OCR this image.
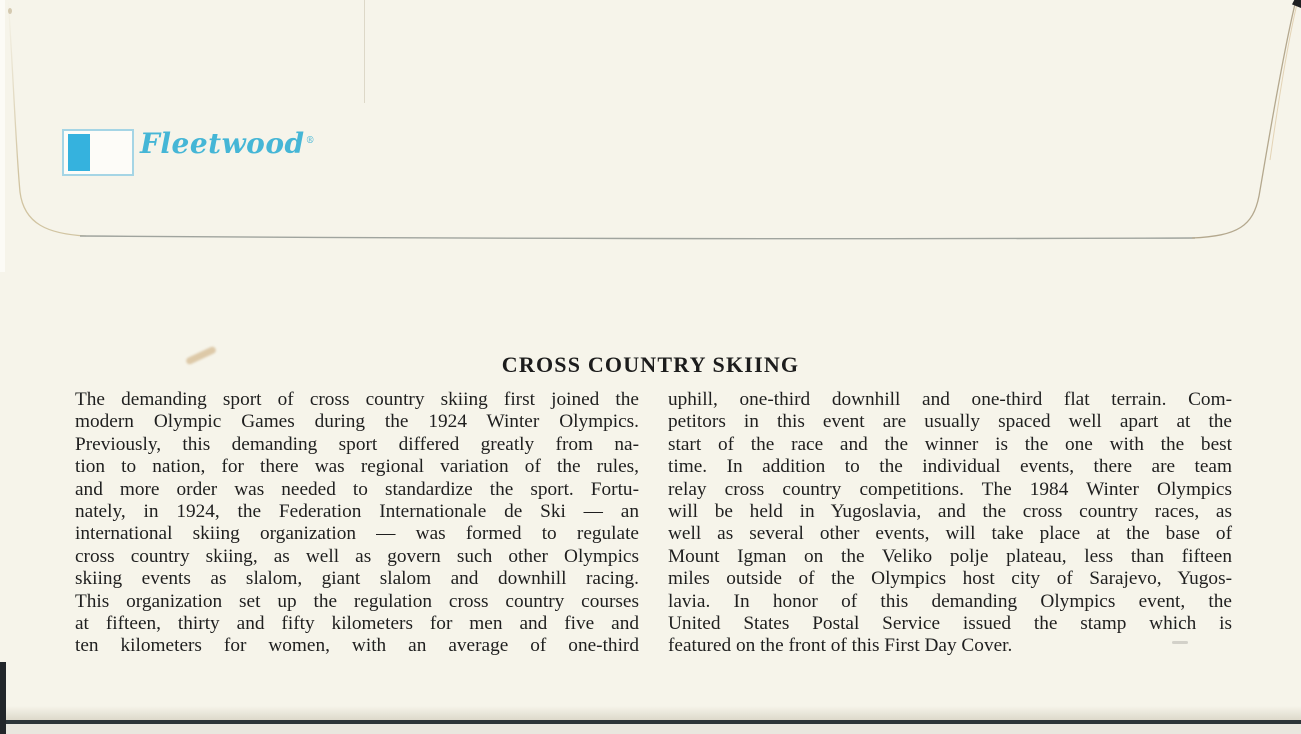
Fleetwood®
CROSS COUNTRY SKIING
The demanding sport of cross country skiing first joined the
modern Olympic Games during the 1924 Winter Olympics.
Previously, this demanding sport differed greatly from na-
tion to nation, for there was regional variation of the rules,
and more order was needed to standardize the sport. Fortu-
nately, in 1924, the Federation Internationale de Ski — an
international skiing organization — was formed to regulate
cross country skiing, as well as govern such other Olympics
skiing events as slalom, giant slalom and downhill racing.
This organization set up the regulation cross country courses
at fifteen, thirty and fifty kilometers for men and five and
ten kilometers for women, with an average of one-third
uphill, one-third downhill and one-third flat terrain. Com-
petitors in this event are usually spaced well apart at the
start of the race and the winner is the one with the best
time. In addition to the individual events, there are team
relay cross country competitions. The 1984 Winter Olympics
will be held in Yugoslavia, and the cross country races, as
well as several other events, will take place at the base of
Mount Igman on the Veliko polje plateau, less than fifteen
miles outside of the Olympics host city of Sarajevo, Yugos-
lavia. In honor of this demanding Olympics event, the
United States Postal Service issued the stamp which is
featured on the front of this First Day Cover.
